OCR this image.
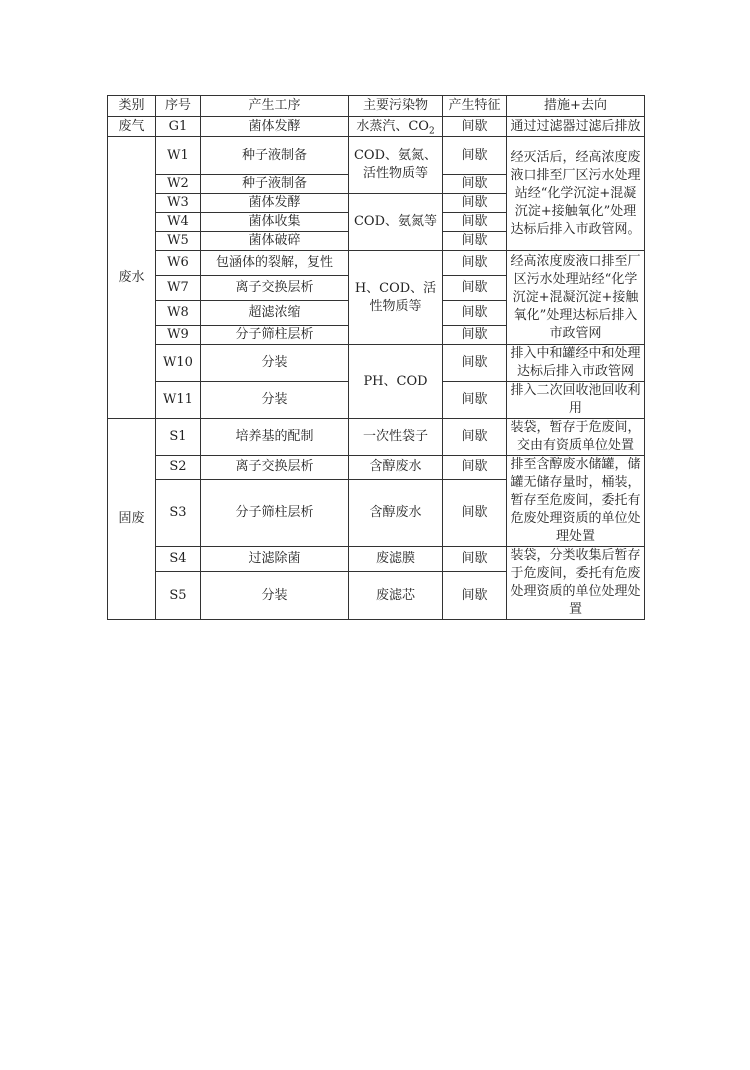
类别	序号	产生工序	主要污染物	产生特征	措施+去向
废气	G1	菌体发酵	水蒸汽、$CO_2$	间歇	通过过滤器过滤后排放
废水	W1	种子液制备	COD、氨氮、活性物质等	间歇	经灭活后，经高浓度废液口排至厂区污水处理站经“化学沉淀+混凝沉淀+接触氧化”处理达标后排入市政管网。
	W2	种子液制备		间歇	
	W3	菌体发酵	COD、氨氮等	间歇	
	W4	菌体收集		间歇	
	W5	菌体破碎		间歇	
	W6	包涵体的裂解，复性	H、COD、活性物质等	间歇	经高浓度废液口排至厂区污水处理站经“化学沉淀+混凝沉淀+接触氧化”处理达标后排入市政管网
	W7	离子交换层析		间歇	
	W8	超滤浓缩		间歇	
	W9	分子筛柱层析		间歇	
	W10	分装	PH、COD	间歇	排入中和罐经中和处理达标后排入市政管网
	W11	分装		间歇	排入二次回收池回收利用

固废	S1	培养基的配制	一次性袋子	间歇	装袋，暂存于危废间，交由有资质单位处置
	S2	离子交换层析	含醇废水	间歇	排至含醇废水储罐，储罐无储存量时，桶装，暂存至危废间，委托有危废处理资质的单位处理处置
	S3	分子筛柱层析	含醇废水	间歇	
	S4	过滤除菌	废滤膜	间歇	装袋，分类收集后暂存于危废间，委托有危废处理资质的单位处理处置
	S5	分装	废滤芯	间歇	
